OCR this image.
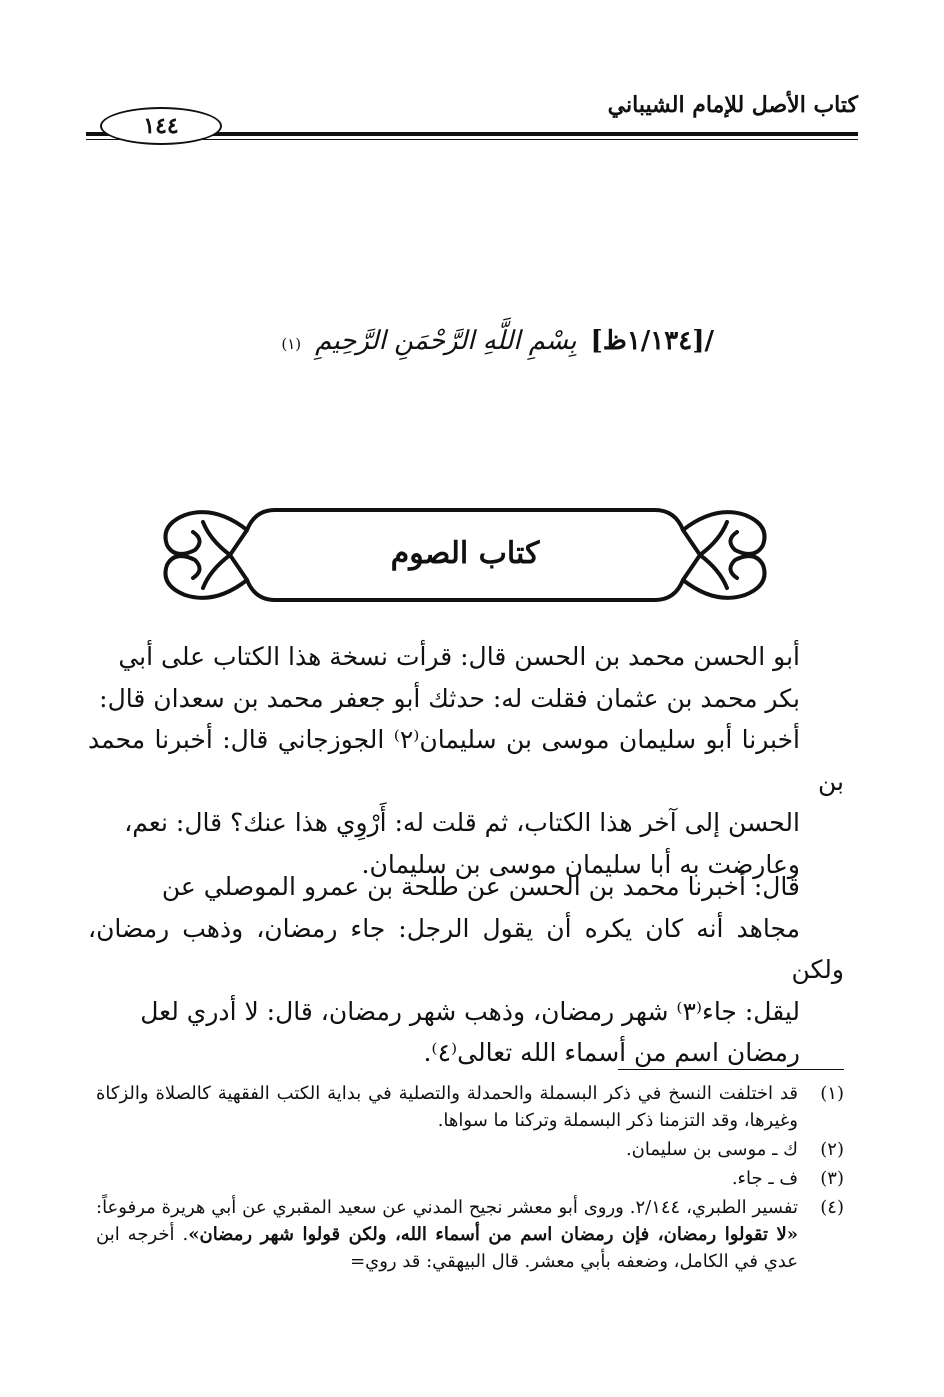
كتاب الأصل للإمام الشيباني
١٤٤
/[١/١٣٤ظ]
بِسْمِ اللَّهِ الرَّحْمَنِ الرَّحِيمِ
(١)
كتاب الصوم
أبو الحسن محمد بن الحسن قال: قرأت نسخة هذا الكتاب على أبي
بكر محمد بن عثمان فقلت له: حدثك أبو جعفر محمد بن سعدان قال:
أخبرنا أبو سليمان موسى بن سليمان⁽٢⁾ الجوزجاني قال: أخبرنا محمد بن
الحسن إلى آخر هذا الكتاب، ثم قلت له: أَرْوِي هذا عنك؟ قال: نعم،
وعارضت به أبا سليمان موسى بن سليمان.
قال: أخبرنا محمد بن الحسن عن طلحة بن عمرو الموصلي عن
مجاهد أنه كان يكره أن يقول الرجل: جاء رمضان، وذهب رمضان، ولكن
ليقل: جاء⁽٣⁾ شهر رمضان، وذهب شهر رمضان، قال: لا أدري لعل
رمضان اسم من أسماء الله تعالى⁽٤⁾.
(١)
قد اختلفت النسخ في ذكر البسملة والحمدلة والتصلية في بداية الكتب الفقهية كالصلاة والزكاة وغيرها، وقد التزمنا ذكر البسملة وتركنا ما سواها.
(٢)
ك ـ موسى بن سليمان.
(٣)
ف ـ جاء.
(٤)
تفسير الطبري، ٢/١٤٤. وروى أبو معشر نجيح المدني عن سعيد المقبري عن أبي هريرة مرفوعاً: «لا تقولوا رمضان، فإن رمضان اسم من أسماء الله، ولكن قولوا شهر رمضان». أخرجه ابن عدي في الكامل، وضعفه بأبي معشر. قال البيهقي: قد روي=
